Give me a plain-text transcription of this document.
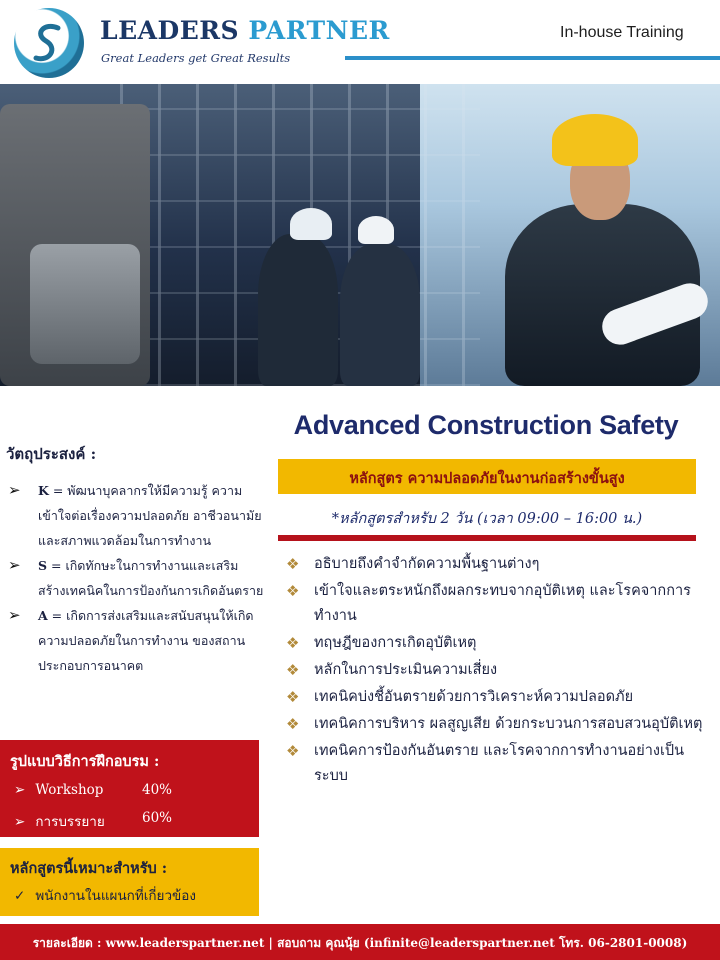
LEADERS PARTNER
Great Leaders get Great Results
In-house Training
Advanced Construction Safety
หลักสูตร ความปลอดภัยในงานก่อสร้างขั้นสูง
*หลักสูตรสำหรับ 2 วัน (เวลา 09:00 – 16:00 น.)
❖ อธิบายถึงคำจำกัดความพื้นฐานต่างๆ
❖ เข้าใจและตระหนักถึงผลกระทบจากอุบัติเหตุ และโรคจากการทำงาน
❖ ทฤษฎีของการเกิดอุบัติเหตุ
❖ หลักในการประเมินความเสี่ยง
❖ เทคนิคบ่งชี้อันตรายด้วยการวิเคราะห์ความปลอดภัย
❖ เทคนิคการบริหาร ผลสูญเสีย ด้วยกระบวนการสอบสวนอุบัติเหตุ
❖ เทคนิคการป้องกันอันตราย และโรคจากการทำงานอย่างเป็นระบบ
วัตถุประสงค์ :
➢ K = พัฒนาบุคลากรให้มีความรู้ ความเข้าใจต่อเรื่องความปลอดภัย อาชีวอนามัย และสภาพแวดล้อมในการทำงาน
➢ S = เกิดทักษะในการทำงานและเสริมสร้างเทคนิคในการป้องกันการเกิดอันตราย
➢ A = เกิดการส่งเสริมและสนับสนุนให้เกิดความปลอดภัยในการทำงาน ของสถานประกอบการอนาคต
รูปแบบวิธีการฝึกอบรม :
➢ Workshop	40%
➢ การบรรยาย	60%
หลักสูตรนี้เหมาะสำหรับ :
✓ พนักงานในแผนกที่เกี่ยวข้อง
รายละเอียด : www.leaderspartner.net | สอบถาม คุณนุ้ย (infinite@leaderspartner.net โทร. 06-2801-0008)
